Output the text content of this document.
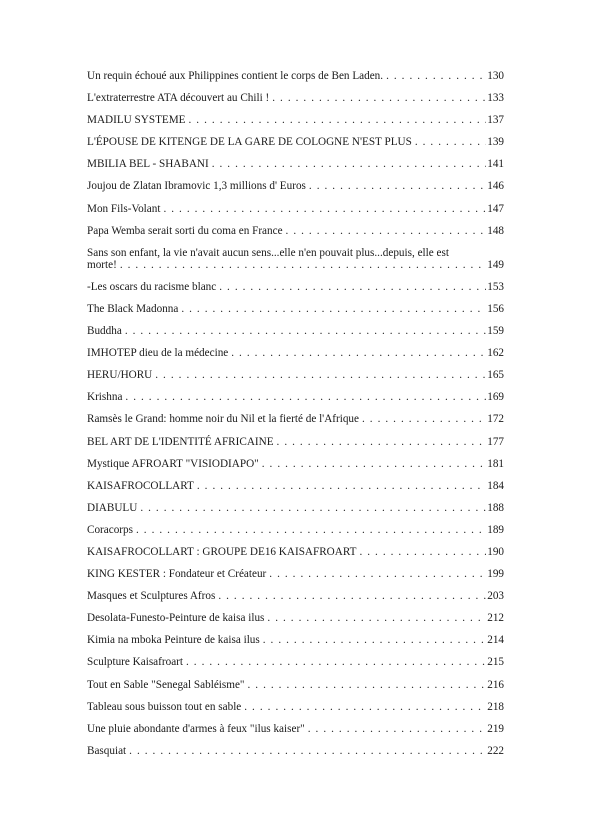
Un requin échoué aux Philippines contient le corps de Ben Laden. . . .	130
L'extraterrestre ATA découvert au Chili ! . . .	133
MADILU SYSTEME . . .	137
L'ÉPOUSE DE KITENGE DE LA GARE DE COLOGNE N'EST PLUS . . .	139
MBILIA BEL - SHABANI . . .	141
Joujou de Zlatan Ibramovic 1,3 millions d' Euros . . .	146
Mon Fils-Volant . . .	147
Papa Wemba serait sorti du coma en France . . .	148
Sans son enfant, la vie n'avait aucun sens...elle n'en pouvait plus...depuis, elle est
morte! . . .	149
-Les oscars du racisme blanc . . .	153
The Black Madonna . . .	156
Buddha . . .	159
IMHOTEP dieu de la médecine . . .	162
HERU/HORU . . .	165
Krishna . . .	169
Ramsès le Grand: homme noir du Nil et la fierté de l'Afrique . . .	172
BEL ART DE L'IDENTITÉ AFRICAINE . . .	177
Mystique AFROART "VISIODIAPO" . . .	181
KAISAFROCOLLART . . .	184
DIABULU . . .	188
Coracorps . . .	189
KAISAFROCOLLART : GROUPE DE16 KAISAFROART . . .	190
KING KESTER : Fondateur et Créateur . . .	199
Masques et Sculptures Afros . . .	203
Desolata-Funesto-Peinture de kaisa ilus . . .	212
Kimia na mboka Peinture de kaisa ilus . . .	214
Sculpture Kaisafroart . . .	215
Tout en Sable "Senegal Sabléisme" . . .	216
Tableau sous buisson tout en sable . . .	218
Une pluie abondante d'armes à feux "ilus kaiser" . . .	219
Basquiat . . .	222
